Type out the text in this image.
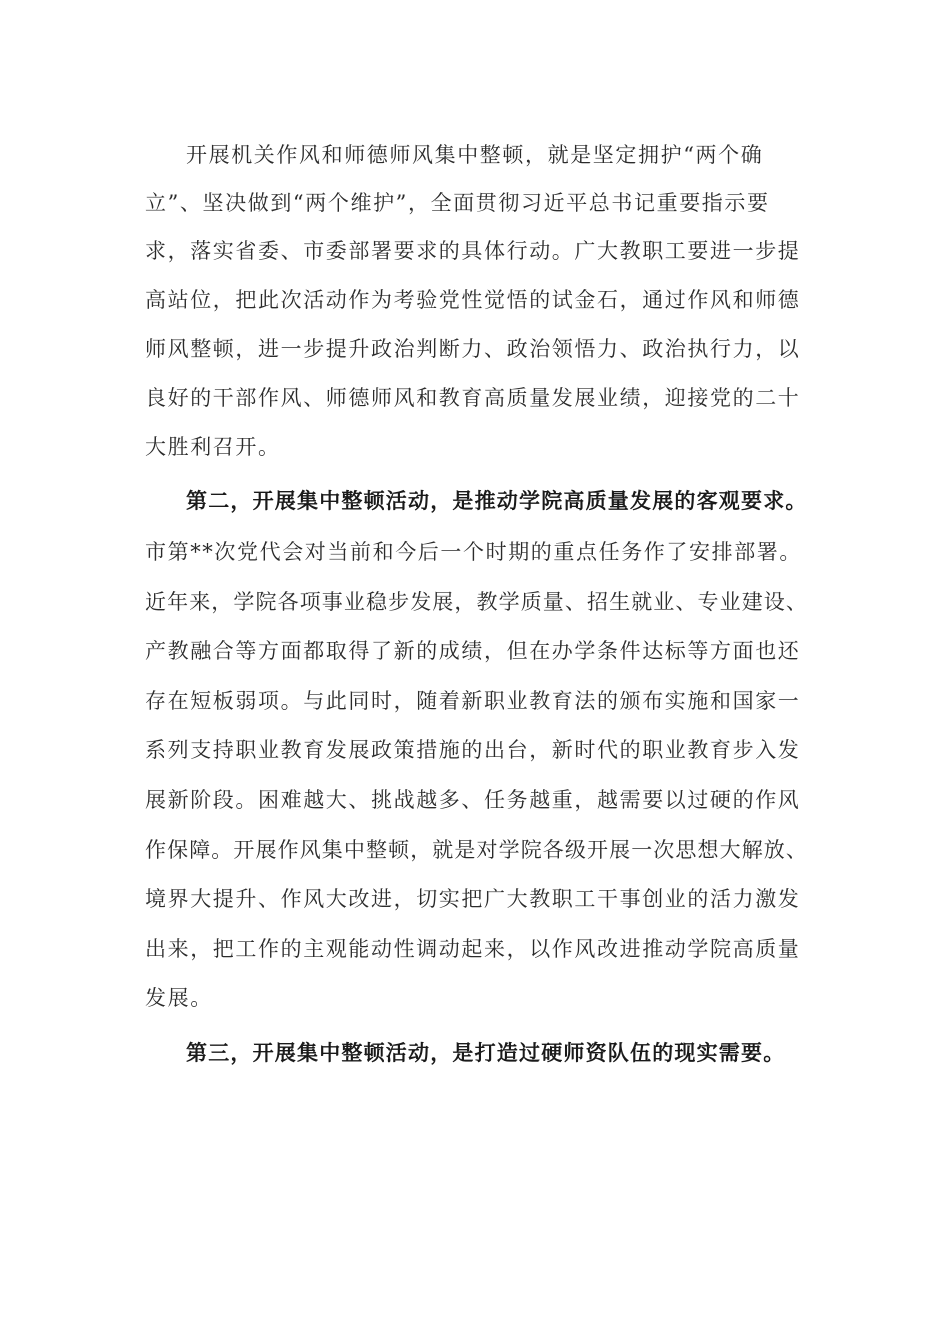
开展机关作风和师德师风集中整顿，就是坚定拥护“两个确
立”、坚决做到“两个维护”，全面贯彻习近平总书记重要指示要
求，落实省委、市委部署要求的具体行动。广大教职工要进一步提
高站位，把此次活动作为考验党性觉悟的试金石，通过作风和师德
师风整顿，进一步提升政治判断力、政治领悟力、政治执行力，以
良好的干部作风、师德师风和教育高质量发展业绩，迎接党的二十
大胜利召开。
第二，开展集中整顿活动，是推动学院高质量发展的客观要求。
市第**次党代会对当前和今后一个时期的重点任务作了安排部署。
近年来，学院各项事业稳步发展，教学质量、招生就业、专业建设、
产教融合等方面都取得了新的成绩，但在办学条件达标等方面也还
存在短板弱项。与此同时，随着新职业教育法的颁布实施和国家一
系列支持职业教育发展政策措施的出台，新时代的职业教育步入发
展新阶段。困难越大、挑战越多、任务越重，越需要以过硬的作风
作保障。开展作风集中整顿，就是对学院各级开展一次思想大解放、
境界大提升、作风大改进，切实把广大教职工干事创业的活力激发
出来，把工作的主观能动性调动起来，以作风改进推动学院高质量
发展。
第三，开展集中整顿活动，是打造过硬师资队伍的现实需要。
